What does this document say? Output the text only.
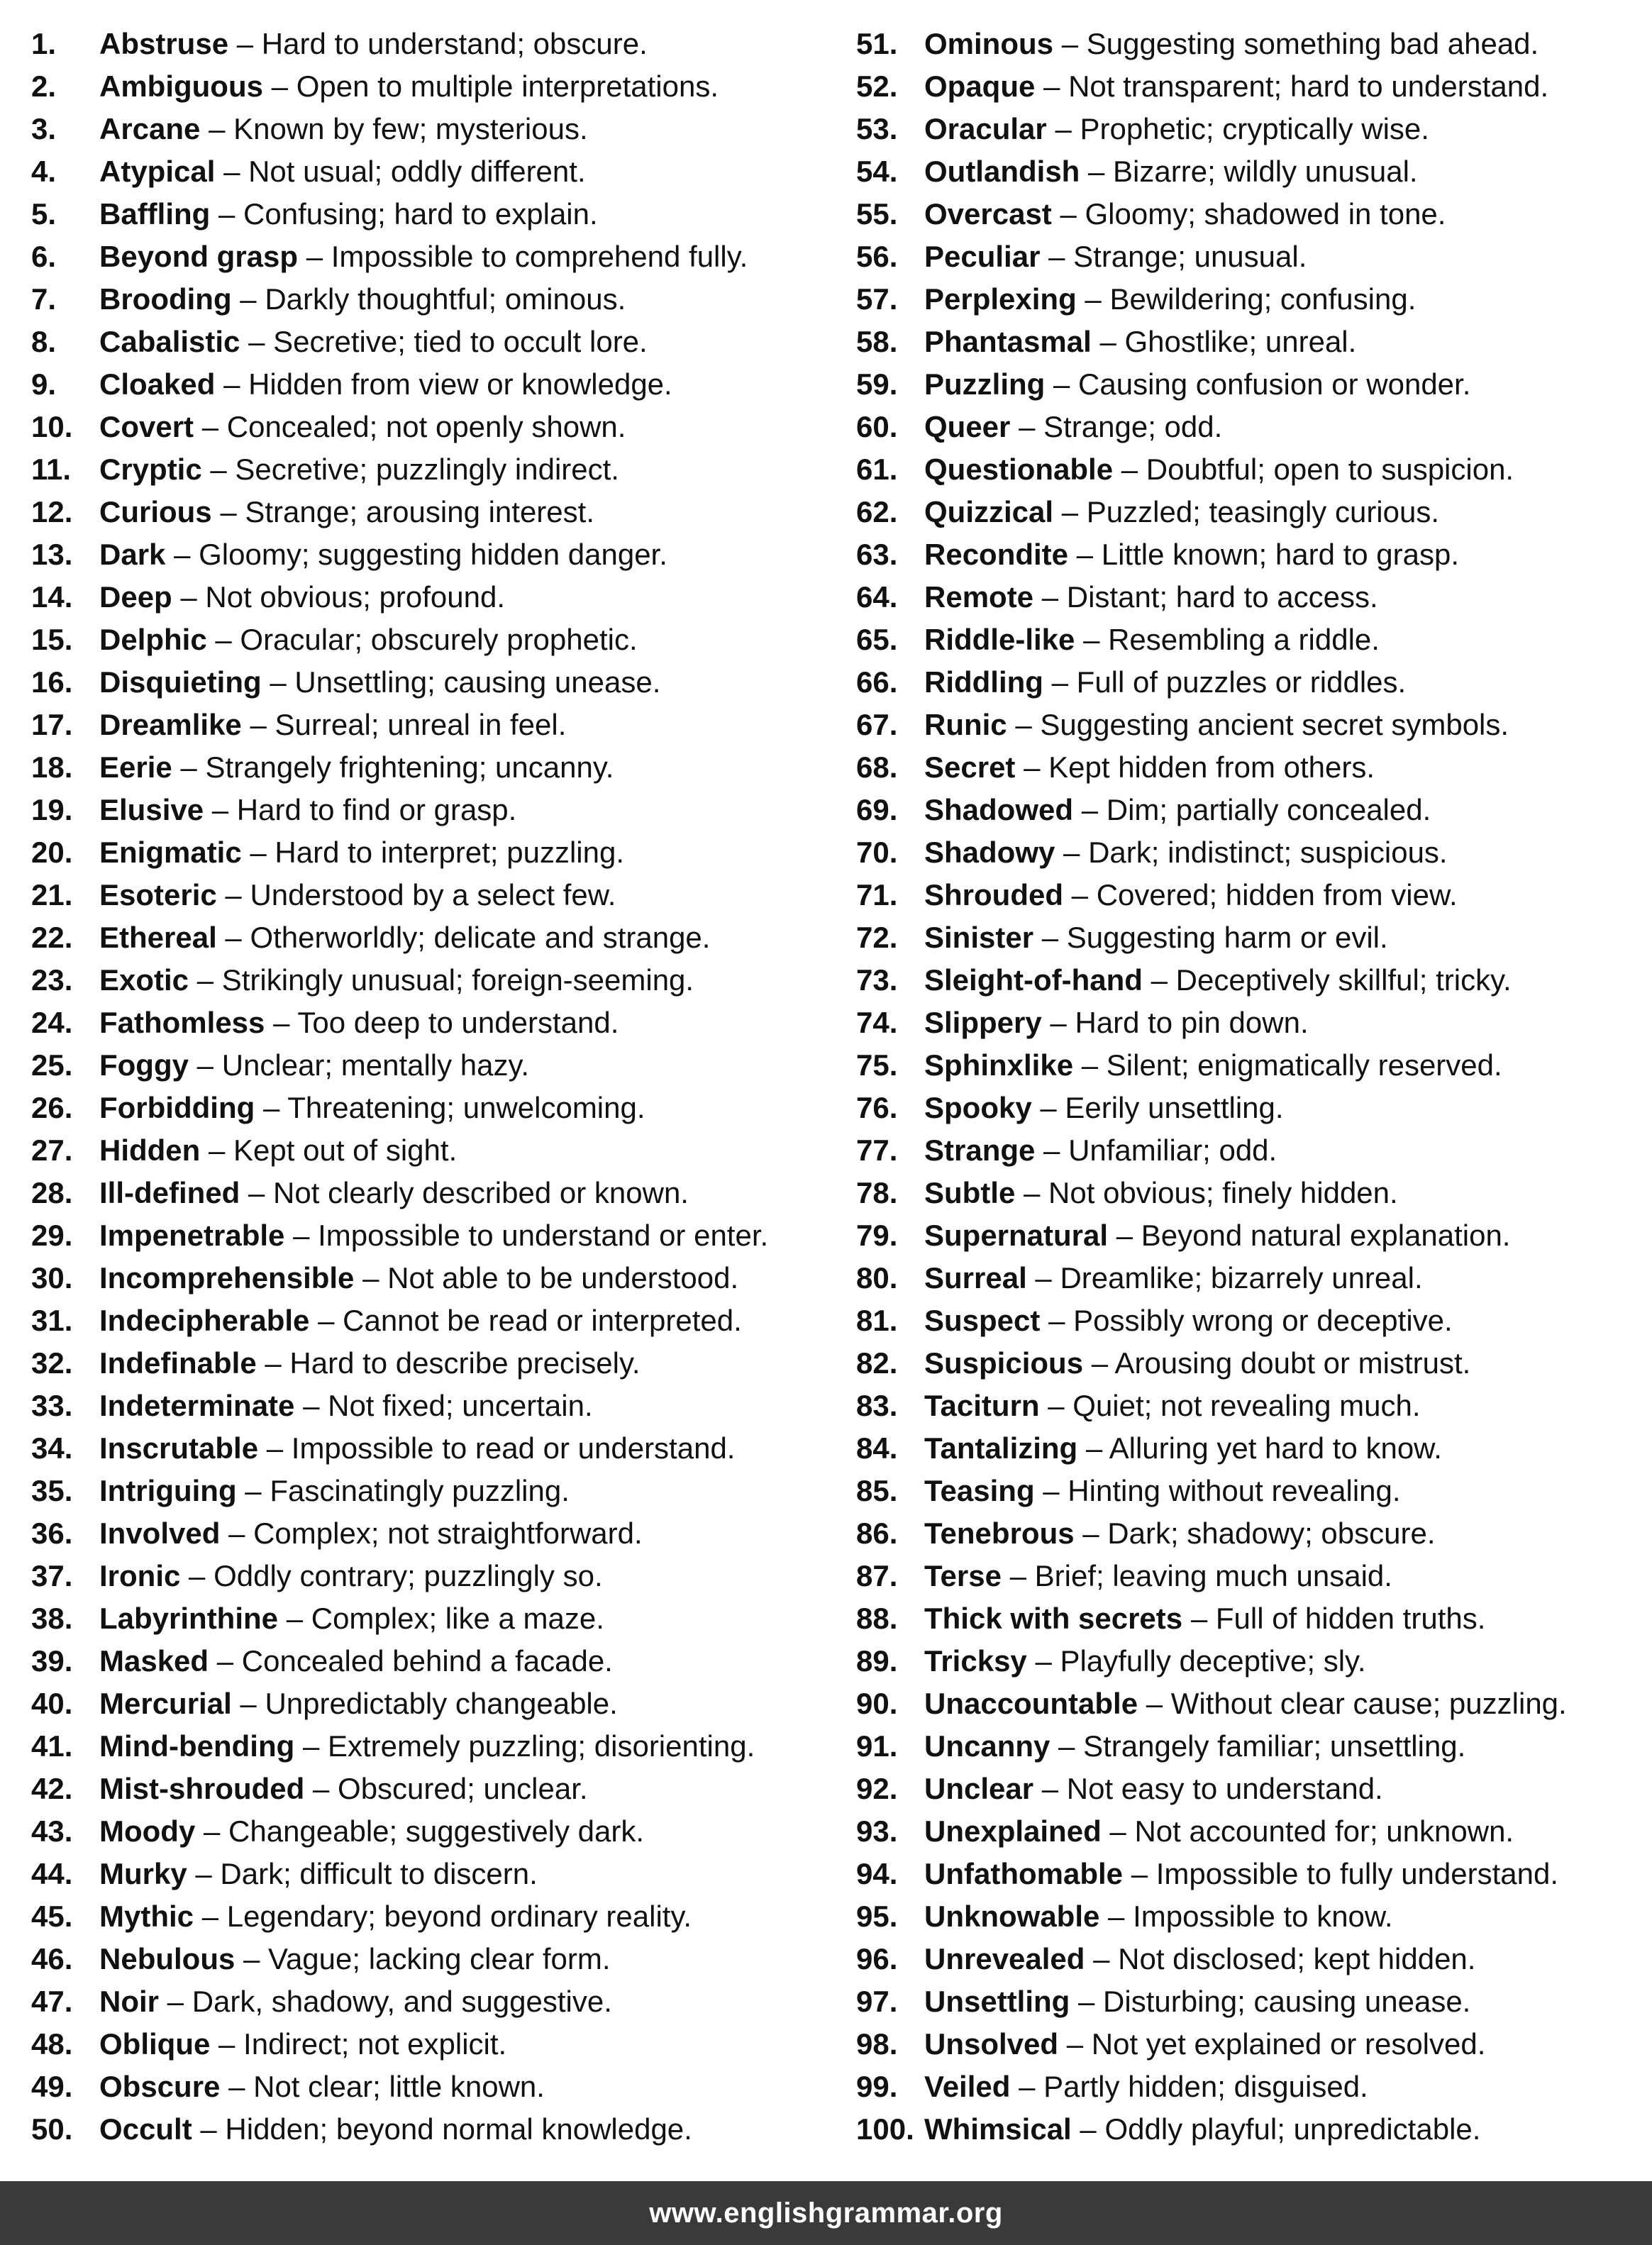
1. Abstruse – Hard to understand; obscure.
2. Ambiguous – Open to multiple interpretations.
3. Arcane – Known by few; mysterious.
4. Atypical – Not usual; oddly different.
5. Baffling – Confusing; hard to explain.
6. Beyond grasp – Impossible to comprehend fully.
7. Brooding – Darkly thoughtful; ominous.
8. Cabalistic – Secretive; tied to occult lore.
9. Cloaked – Hidden from view or knowledge.
10. Covert – Concealed; not openly shown.
11. Cryptic – Secretive; puzzlingly indirect.
12. Curious – Strange; arousing interest.
13. Dark – Gloomy; suggesting hidden danger.
14. Deep – Not obvious; profound.
15. Delphic – Oracular; obscurely prophetic.
16. Disquieting – Unsettling; causing unease.
17. Dreamlike – Surreal; unreal in feel.
18. Eerie – Strangely frightening; uncanny.
19. Elusive – Hard to find or grasp.
20. Enigmatic – Hard to interpret; puzzling.
21. Esoteric – Understood by a select few.
22. Ethereal – Otherworldly; delicate and strange.
23. Exotic – Strikingly unusual; foreign-seeming.
24. Fathomless – Too deep to understand.
25. Foggy – Unclear; mentally hazy.
26. Forbidding – Threatening; unwelcoming.
27. Hidden – Kept out of sight.
28. Ill-defined – Not clearly described or known.
29. Impenetrable – Impossible to understand or enter.
30. Incomprehensible – Not able to be understood.
31. Indecipherable – Cannot be read or interpreted.
32. Indefinable – Hard to describe precisely.
33. Indeterminate – Not fixed; uncertain.
34. Inscrutable – Impossible to read or understand.
35. Intriguing – Fascinatingly puzzling.
36. Involved – Complex; not straightforward.
37. Ironic – Oddly contrary; puzzlingly so.
38. Labyrinthine – Complex; like a maze.
39. Masked – Concealed behind a facade.
40. Mercurial – Unpredictably changeable.
41. Mind-bending – Extremely puzzling; disorienting.
42. Mist-shrouded – Obscured; unclear.
43. Moody – Changeable; suggestively dark.
44. Murky – Dark; difficult to discern.
45. Mythic – Legendary; beyond ordinary reality.
46. Nebulous – Vague; lacking clear form.
47. Noir – Dark, shadowy, and suggestive.
48. Oblique – Indirect; not explicit.
49. Obscure – Not clear; little known.
50. Occult – Hidden; beyond normal knowledge.
51. Ominous – Suggesting something bad ahead.
52. Opaque – Not transparent; hard to understand.
53. Oracular – Prophetic; cryptically wise.
54. Outlandish – Bizarre; wildly unusual.
55. Overcast – Gloomy; shadowed in tone.
56. Peculiar – Strange; unusual.
57. Perplexing – Bewildering; confusing.
58. Phantasmal – Ghostlike; unreal.
59. Puzzling – Causing confusion or wonder.
60. Queer – Strange; odd.
61. Questionable – Doubtful; open to suspicion.
62. Quizzical – Puzzled; teasingly curious.
63. Recondite – Little known; hard to grasp.
64. Remote – Distant; hard to access.
65. Riddle-like – Resembling a riddle.
66. Riddling – Full of puzzles or riddles.
67. Runic – Suggesting ancient secret symbols.
68. Secret – Kept hidden from others.
69. Shadowed – Dim; partially concealed.
70. Shadowy – Dark; indistinct; suspicious.
71. Shrouded – Covered; hidden from view.
72. Sinister – Suggesting harm or evil.
73. Sleight-of-hand – Deceptively skillful; tricky.
74. Slippery – Hard to pin down.
75. Sphinxlike – Silent; enigmatically reserved.
76. Spooky – Eerily unsettling.
77. Strange – Unfamiliar; odd.
78. Subtle – Not obvious; finely hidden.
79. Supernatural – Beyond natural explanation.
80. Surreal – Dreamlike; bizarrely unreal.
81. Suspect – Possibly wrong or deceptive.
82. Suspicious – Arousing doubt or mistrust.
83. Taciturn – Quiet; not revealing much.
84. Tantalizing – Alluring yet hard to know.
85. Teasing – Hinting without revealing.
86. Tenebrous – Dark; shadowy; obscure.
87. Terse – Brief; leaving much unsaid.
88. Thick with secrets – Full of hidden truths.
89. Tricksy – Playfully deceptive; sly.
90. Unaccountable – Without clear cause; puzzling.
91. Uncanny – Strangely familiar; unsettling.
92. Unclear – Not easy to understand.
93. Unexplained – Not accounted for; unknown.
94. Unfathomable – Impossible to fully understand.
95. Unknowable – Impossible to know.
96. Unrevealed – Not disclosed; kept hidden.
97. Unsettling – Disturbing; causing unease.
98. Unsolved – Not yet explained or resolved.
99. Veiled – Partly hidden; disguised.
100. Whimsical – Oddly playful; unpredictable.
www.englishgrammar.org
